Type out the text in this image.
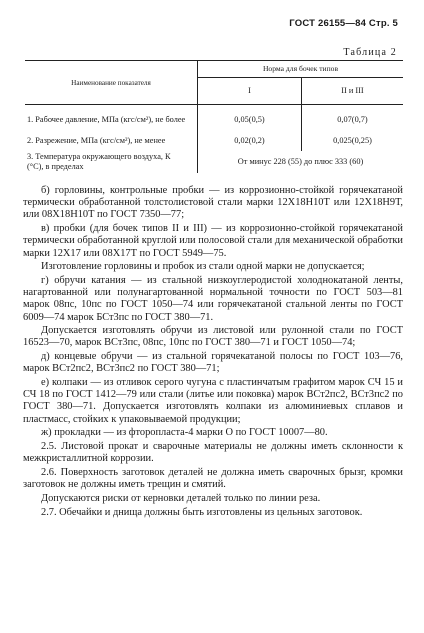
ГОСТ 26155—84 Стр. 5
Таблица 2
Наименование показателя	Норма для бочек типов	
	I	II и III
1. Рабочее давление, МПа (кгс/см²), не более	0,05(0,5)	0,07(0,7)
2. Разрежение, МПа (кгс/см²), не менее	0,02(0,2)	0,025(0,25)
3. Температура окружающего воздуха, К (°С), в пределах	От минус 228 (55) до плюс 333 (60)	

б) горловины, контрольные пробки — из коррозионно-стойкой горячекатаной термически обработанной толстолистовой стали марки 12Х18Н10Т или 12Х18Н9Т, или 08Х18Н10Т по ГОСТ 7350—77;

в) пробки (для бочек типов II и III) — из коррозионно-стойкой горячекатаной термически обработанной круглой или полосовой стали для механической обработки марки 12Х17 или 08Х17Т по ГОСТ 5949—75.

Изготовление горловины и пробок из стали одной марки не допускается;

г) обручи катания — из стальной низкоуглеродистой холоднокатаной ленты, нагартованной или полунагартованной нормальной точности по ГОСТ 503—81 марок 08пс, 10пс по ГОСТ 1050—74 или горячекатаной стальной ленты по ГОСТ 6009—74 марок БСт3пс по ГОСТ 380—71.

Допускается изготовлять обручи из листовой или рулонной стали по ГОСТ 16523—70, марок ВСт3пс, 08пс, 10пс по ГОСТ 380—71 и ГОСТ 1050—74;

д) концевые обручи — из стальной горячекатаной полосы по ГОСТ 103—76, марок ВСт2пс2, ВСт3пс2 по ГОСТ 380—71;

е) колпаки — из отливок серого чугуна с пластинчатым графитом марок СЧ 15 и СЧ 18 по ГОСТ 1412—79 или стали (литье или поковка) марок ВСт2пс2, ВСт3пс2 по ГОСТ 380—71. Допускается изготовлять колпаки из алюминиевых сплавов и пластмасс, стойких к упаковываемой продукции;

ж) прокладки — из фторопласта-4 марки О по ГОСТ 10007—80.

2.5. Листовой прокат и сварочные материалы не должны иметь склонности к межкристаллитной коррозии.

2.6. Поверхность заготовок деталей не должна иметь сварочных брызг, кромки заготовок не должны иметь трещин и смятий.

Допускаются риски от керновки деталей только по линии реза.

2.7. Обечайки и днища должны быть изготовлены из цельных заготовок.
